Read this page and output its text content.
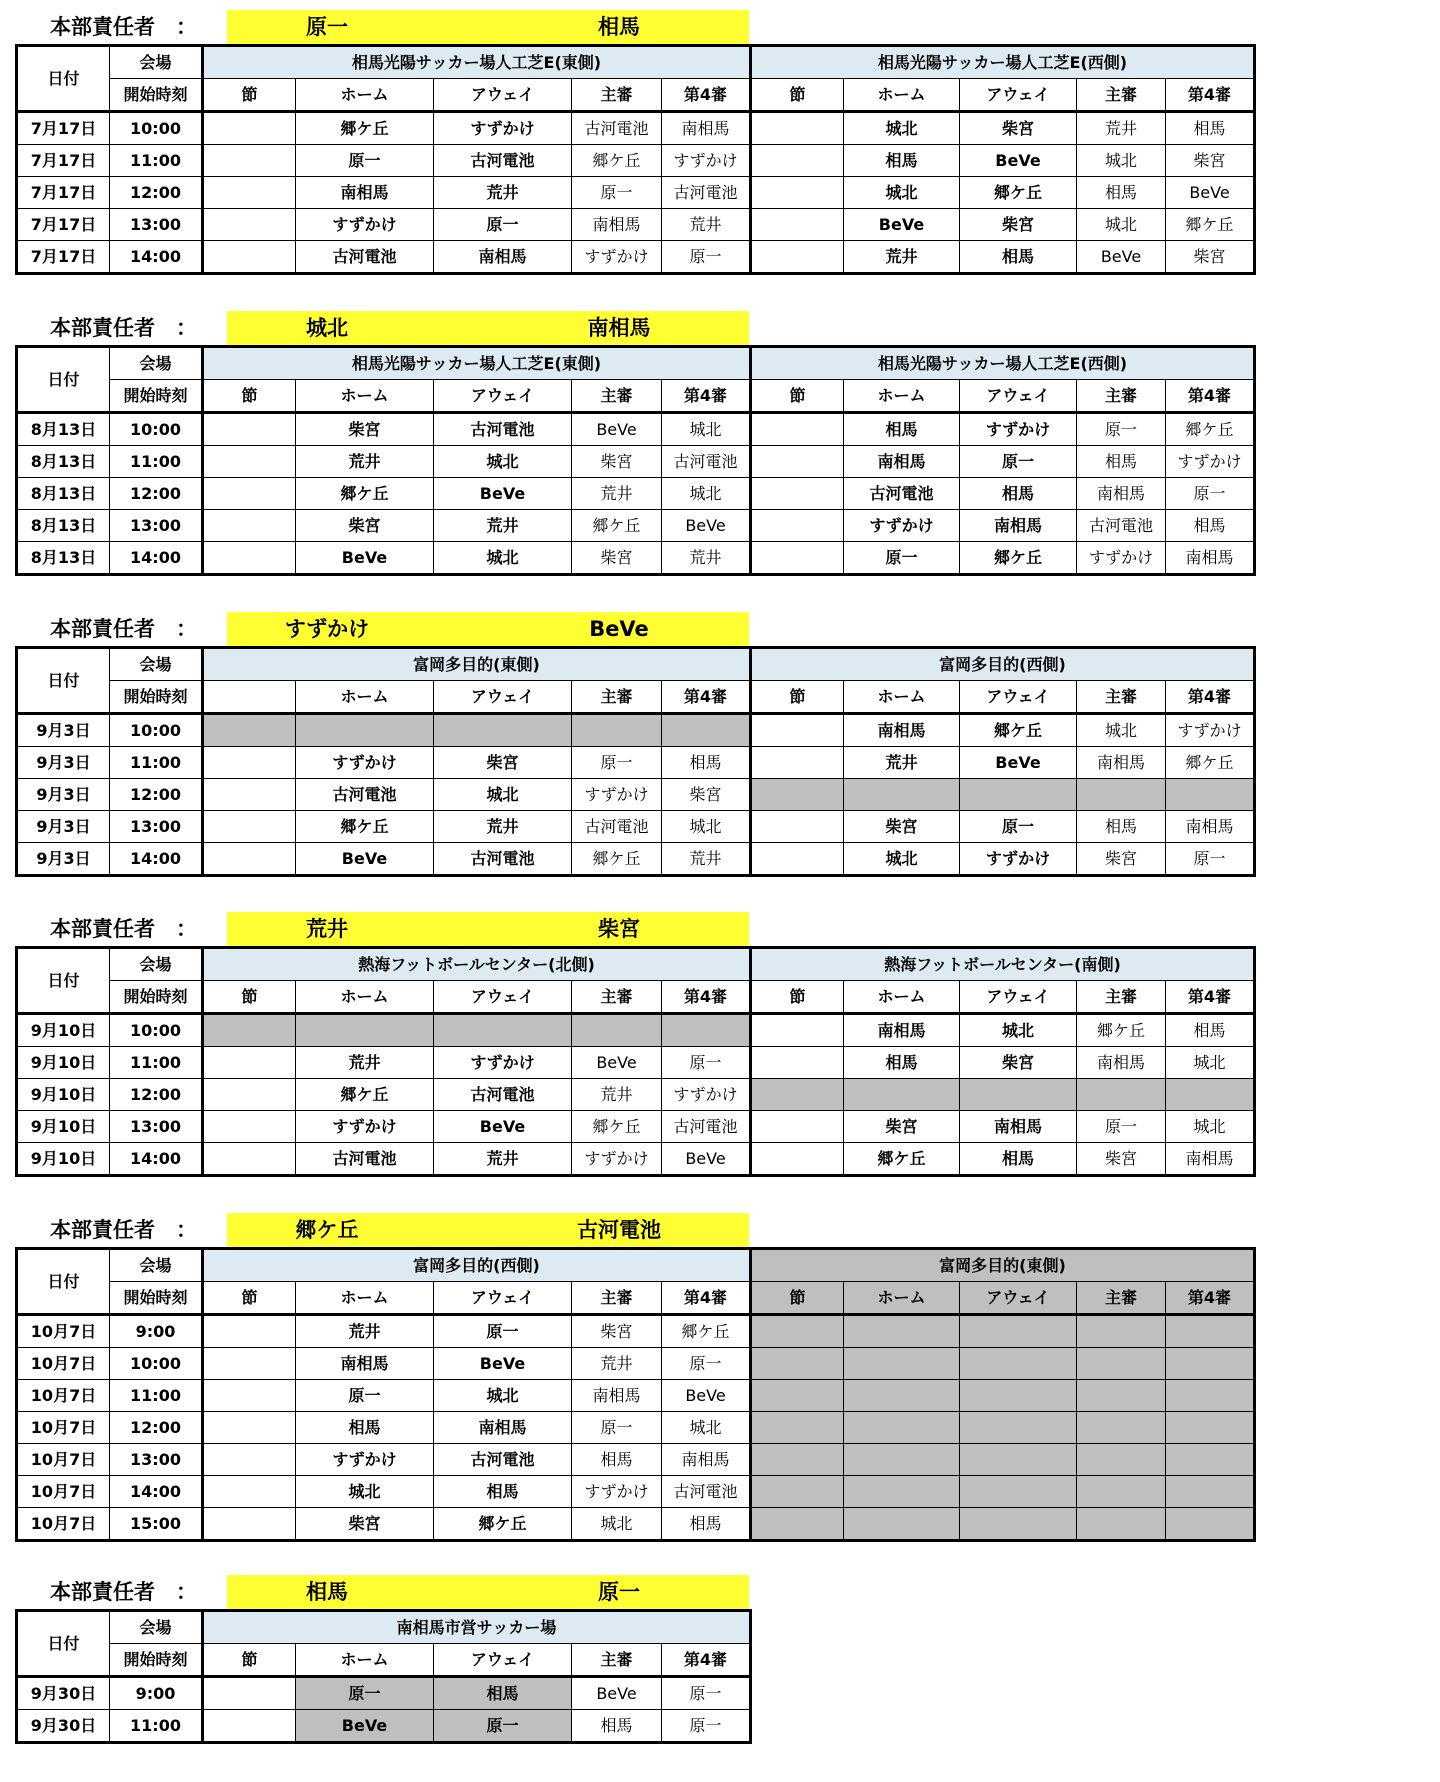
本部責任者　：	原一	相馬
日付	会場	相馬光陽サッカー場人工芝E(東側)					相馬光陽サッカー場人工芝E(西側)				
	開始時刻	節	ホーム	アウェイ	主審	第4審	節	ホーム	アウェイ	主審	第4審
7月17日	10:00		郷ケ丘	すずかけ	古河電池	南相馬		城北	柴宮	荒井	相馬
7月17日	11:00		原一	古河電池	郷ケ丘	すずかけ		相馬	BeVe	城北	柴宮
7月17日	12:00		南相馬	荒井	原一	古河電池		城北	郷ケ丘	相馬	BeVe
7月17日	13:00		すずかけ	原一	南相馬	荒井		BeVe	柴宮	城北	郷ケ丘
7月17日	14:00		古河電池	南相馬	すずかけ	原一		荒井	相馬	BeVe	柴宮
本部責任者　：	城北	南相馬
日付	会場	相馬光陽サッカー場人工芝E(東側)					相馬光陽サッカー場人工芝E(西側)				
	開始時刻	節	ホーム	アウェイ	主審	第4審	節	ホーム	アウェイ	主審	第4審
8月13日	10:00		柴宮	古河電池	BeVe	城北		相馬	すずかけ	原一	郷ケ丘
8月13日	11:00		荒井	城北	柴宮	古河電池		南相馬	原一	相馬	すずかけ
8月13日	12:00		郷ケ丘	BeVe	荒井	城北		古河電池	相馬	南相馬	原一
8月13日	13:00		柴宮	荒井	郷ケ丘	BeVe		すずかけ	南相馬	古河電池	相馬
8月13日	14:00		BeVe	城北	柴宮	荒井		原一	郷ケ丘	すずかけ	南相馬
本部責任者　：	すずかけ	BeVe
日付	会場	富岡多目的(東側)					富岡多目的(西側)				
	開始時刻		ホーム	アウェイ	主審	第4審	節	ホーム	アウェイ	主審	第4審
9月3日	10:00							南相馬	郷ケ丘	城北	すずかけ
9月3日	11:00		すずかけ	柴宮	原一	相馬		荒井	BeVe	南相馬	郷ケ丘
9月3日	12:00		古河電池	城北	すずかけ	柴宮					
9月3日	13:00		郷ケ丘	荒井	古河電池	城北		柴宮	原一	相馬	南相馬
9月3日	14:00		BeVe	古河電池	郷ケ丘	荒井		城北	すずかけ	柴宮	原一
本部責任者　：	荒井	柴宮
日付	会場	熱海フットボールセンター(北側)					熱海フットボールセンター(南側)				
	開始時刻	節	ホーム	アウェイ	主審	第4審	節	ホーム	アウェイ	主審	第4審
9月10日	10:00							南相馬	城北	郷ケ丘	相馬
9月10日	11:00		荒井	すずかけ	BeVe	原一		相馬	柴宮	南相馬	城北
9月10日	12:00		郷ケ丘	古河電池	荒井	すずかけ					
9月10日	13:00		すずかけ	BeVe	郷ケ丘	古河電池		柴宮	南相馬	原一	城北
9月10日	14:00		古河電池	荒井	すずかけ	BeVe		郷ケ丘	相馬	柴宮	南相馬
本部責任者　：	郷ケ丘	古河電池
日付	会場	富岡多目的(西側)					富岡多目的(東側)				
	開始時刻	節	ホーム	アウェイ	主審	第4審	節	ホーム	アウェイ	主審	第4審
10月7日	9:00		荒井	原一	柴宮	郷ケ丘					
10月7日	10:00		南相馬	BeVe	荒井	原一					
10月7日	11:00		原一	城北	南相馬	BeVe					
10月7日	12:00		相馬	南相馬	原一	城北					
10月7日	13:00		すずかけ	古河電池	相馬	南相馬					
10月7日	14:00		城北	相馬	すずかけ	古河電池					
10月7日	15:00		柴宮	郷ケ丘	城北	相馬					
本部責任者　：	相馬	原一
日付	会場	南相馬市営サッカー場				
	開始時刻	節	ホーム	アウェイ	主審	第4審
9月30日	9:00		原一	相馬	BeVe	原一
9月30日	11:00		BeVe	原一	相馬	原一
